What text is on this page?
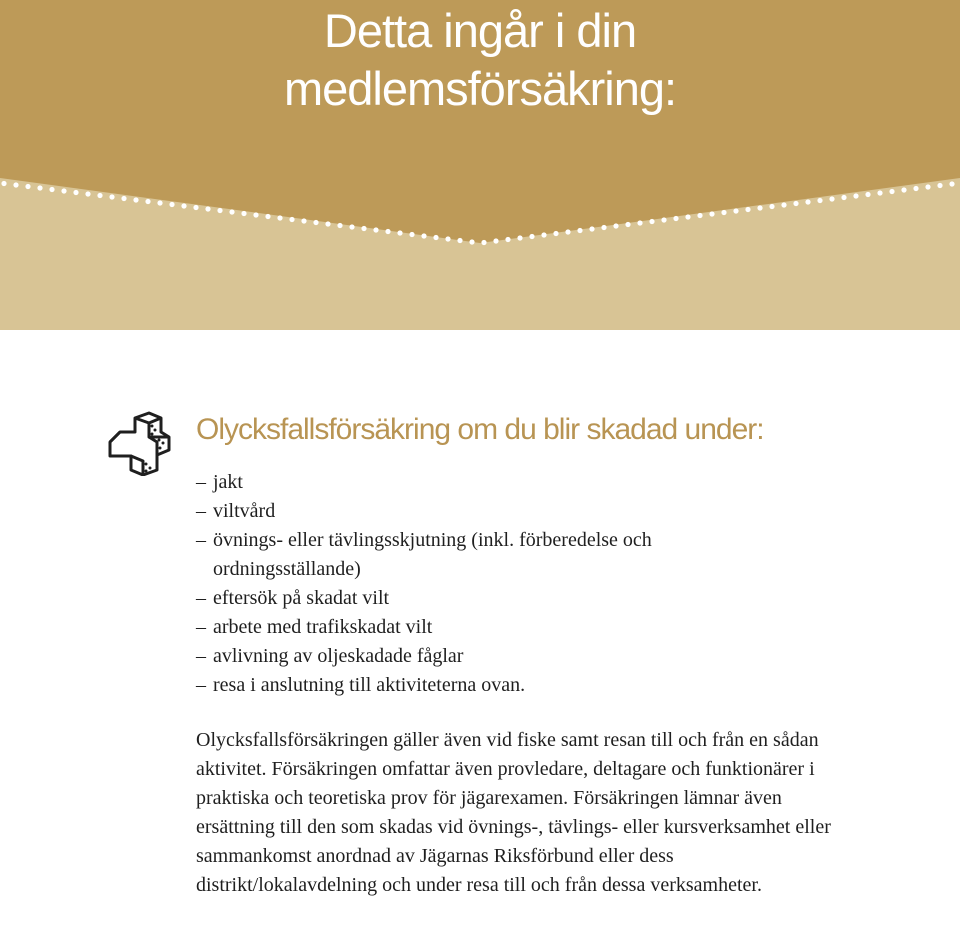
Detta ingår i din
medlemsförsäkring:
Olycksfallsförsäkring om du blir skadad under:
– jakt
– viltvård
– övnings- eller tävlingsskjutning (inkl. förberedelse och ordningsställande)
– eftersök på skadat vilt
– arbete med trafikskadat vilt
– avlivning av oljeskadade fåglar
– resa i anslutning till aktiviteterna ovan.

Olycksfallsförsäkringen gäller även vid fiske samt resan till och från en sådan aktivitet. Försäkringen omfattar även provledare, deltagare och funktionärer i praktiska och teoretiska prov för jägarexamen. Försäkringen lämnar även ersättning till den som skadas vid övnings-, tävlings- eller kursverksamhet eller sammankomst anordnad av Jägarnas Riksförbund eller dess distrikt/lokalavdelning och under resa till och från dessa verksamheter.
